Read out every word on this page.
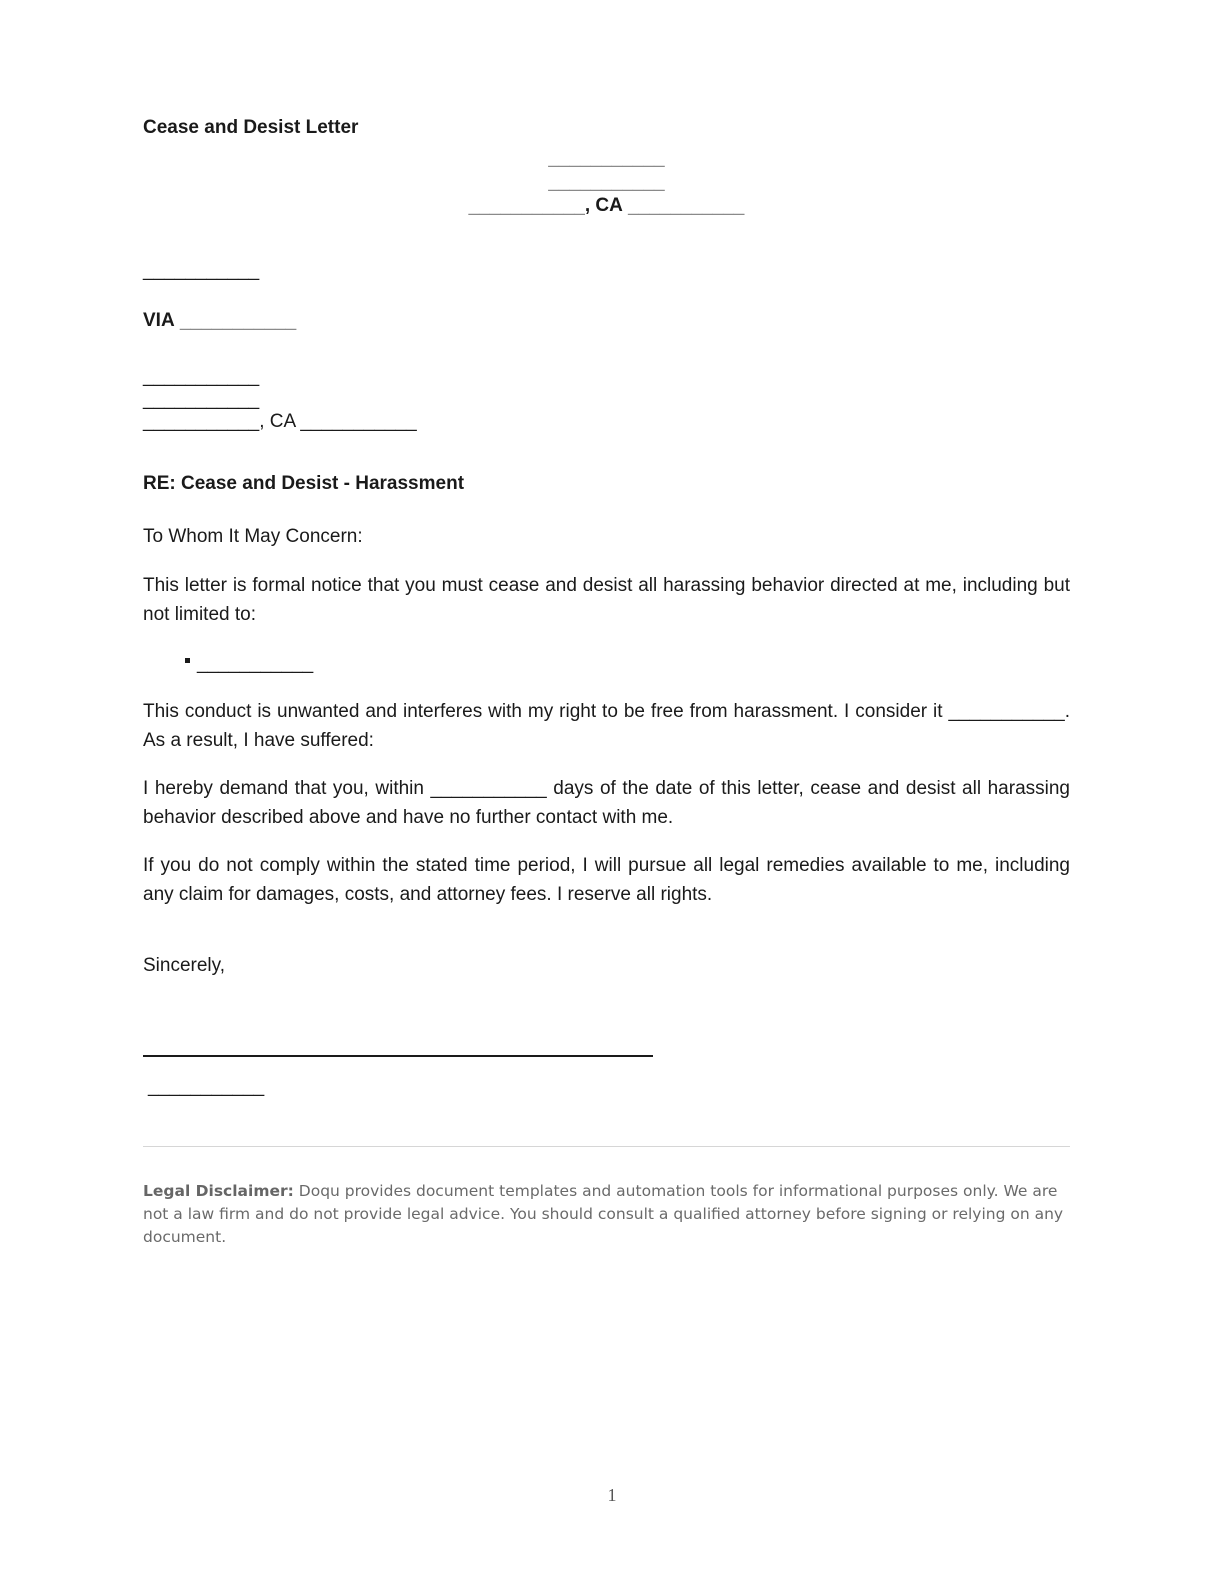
Cease and Desist Letter
___________
___________
___________, CA ___________
___________
VIA ___________
___________
___________
___________, CA ___________
RE: Cease and Desist - Harassment
To Whom It May Concern:
This letter is formal notice that you must cease and desist all harassing behavior directed at me, including but not limited to:
___________
This conduct is unwanted and interferes with my right to be free from harassment. I consider it ___________. As a result, I have suffered:
I hereby demand that you, within ___________ days of the date of this letter, cease and desist all harassing behavior described above and have no further contact with me.
If you do not comply within the stated time period, I will pursue all legal remedies available to me, including any claim for damages, costs, and attorney fees. I reserve all rights.
Sincerely,
___________
Legal Disclaimer: Doqu provides document templates and automation tools for informational purposes only. We are not a law firm and do not provide legal advice. You should consult a qualified attorney before signing or relying on any document.
1
